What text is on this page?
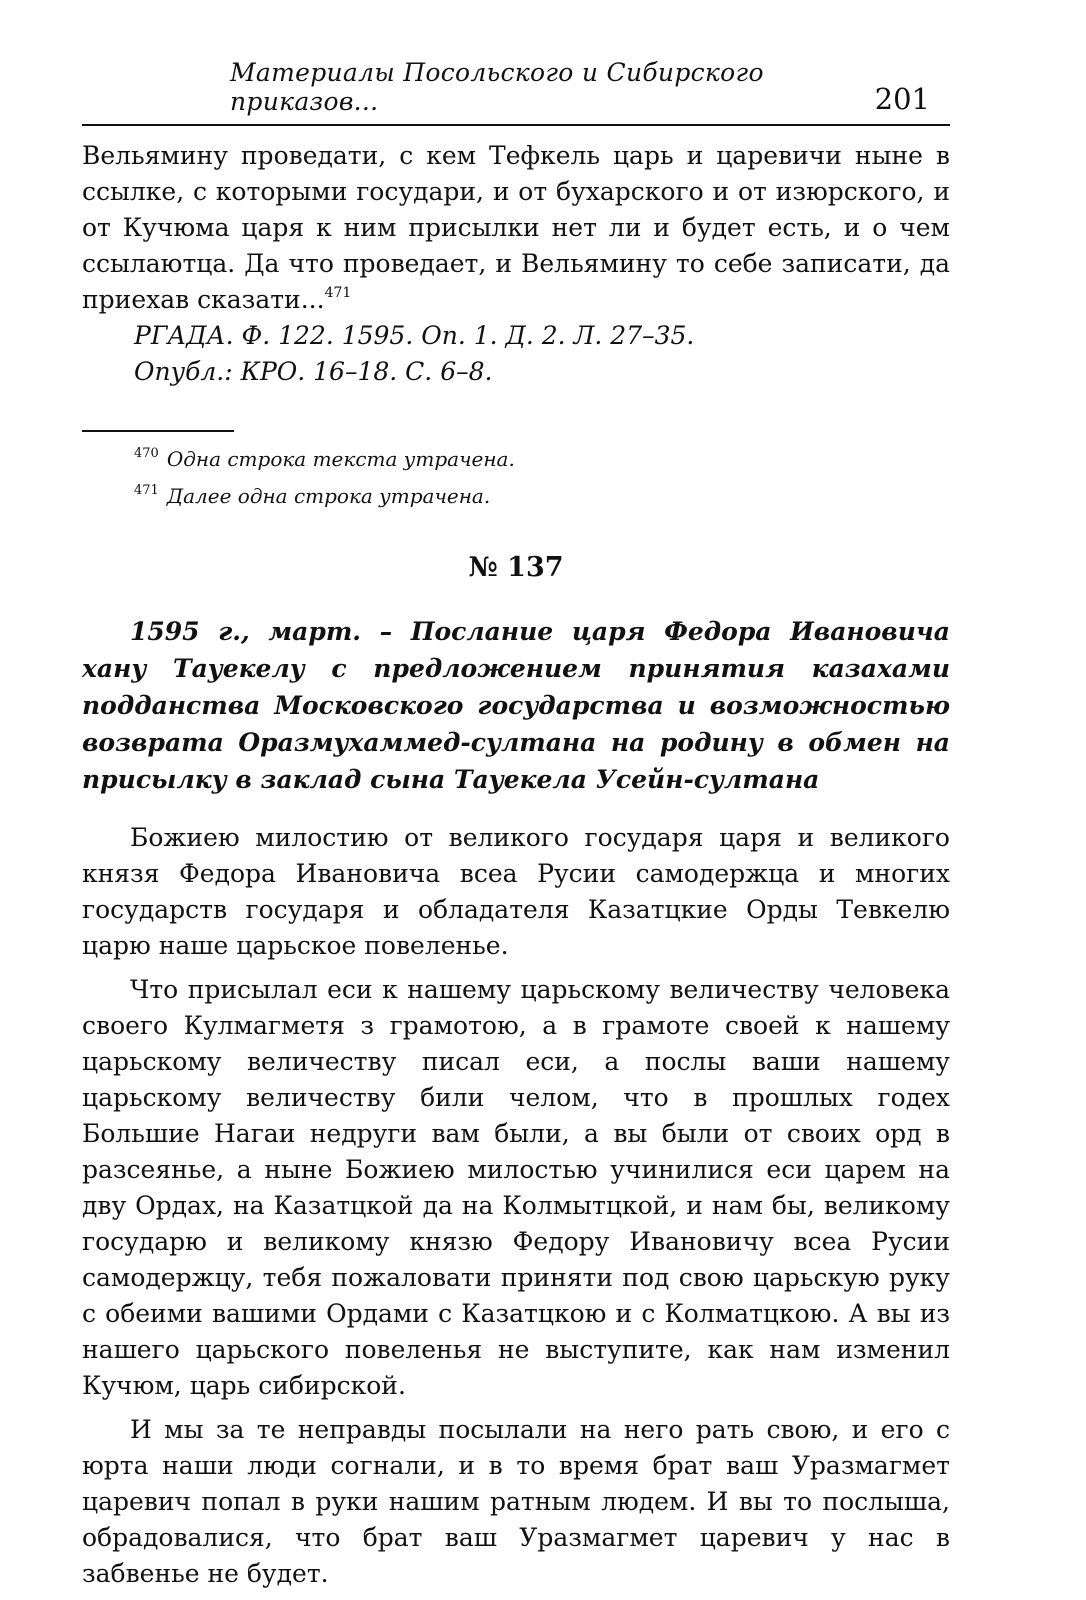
Материалы Посольского и Сибирского приказов...	201

Вельямину проведати, с кем Тефкель царь и царевичи ныне в ссылке, с которыми государи, и от бухарского и от изюрского, и от Кучюма царя к ним присылки нет ли и будет есть, и о чем ссылаютца. Да что проведает, и Вельямину то себе записати, да приехав сказати...$^{471}$

РГАДА. Ф. 122. 1595. Оп. 1. Д. 2. Л. 27–35.

Опубл.: КРО. 16–18. С. 6–8.

$^{470}$ Одна строка текста утрачена.

$^{471}$ Далее одна строка утрачена.

№ 137

1595 г., март. – Послание царя Федора Ивановича хану Тауекелу с предложением принятия казахами подданства Московского государства и возможностью возврата Оразмухаммед-султана на родину в обмен на присылку в заклад сына Тауекела Усейн-султана

Божиею милостию от великого государя царя и великого князя Федора Ивановича всеа Русии самодержца и многих государств государя и обладателя Казатцкие Орды Тевкелю царю наше царьское повеленье.

Что присылал еси к нашему царьскому величеству человека своего Кулмагметя з грамотою, а в грамоте своей к нашему царьскому величеству писал еси, а послы ваши нашему царьскому величеству били челом, что в прошлых годех Большие Нагаи недруги вам были, а вы были от своих орд в разсеянье, а ныне Божиею милостью учинилися еси царем на дву Ордах, на Казатцкой да на Колмытцкой, и нам бы, великому государю и великому князю Федору Ивановичу всеа Русии самодержцу, тебя пожаловати приняти под свою царьскую руку с обеими вашими Ордами с Казатцкою и с Колматцкою. А вы из нашего царьского повеленья не выступите, как нам изменил Кучюм, царь сибирской.

И мы за те неправды посылали на него рать свою, и его с юрта наши люди согнали, и в то время брат ваш Уразмагмет царевич попал в руки нашим ратным людем. И вы то послыша, обрадовалися, что брат ваш Уразмагмет царевич у нас в забвенье не будет.
